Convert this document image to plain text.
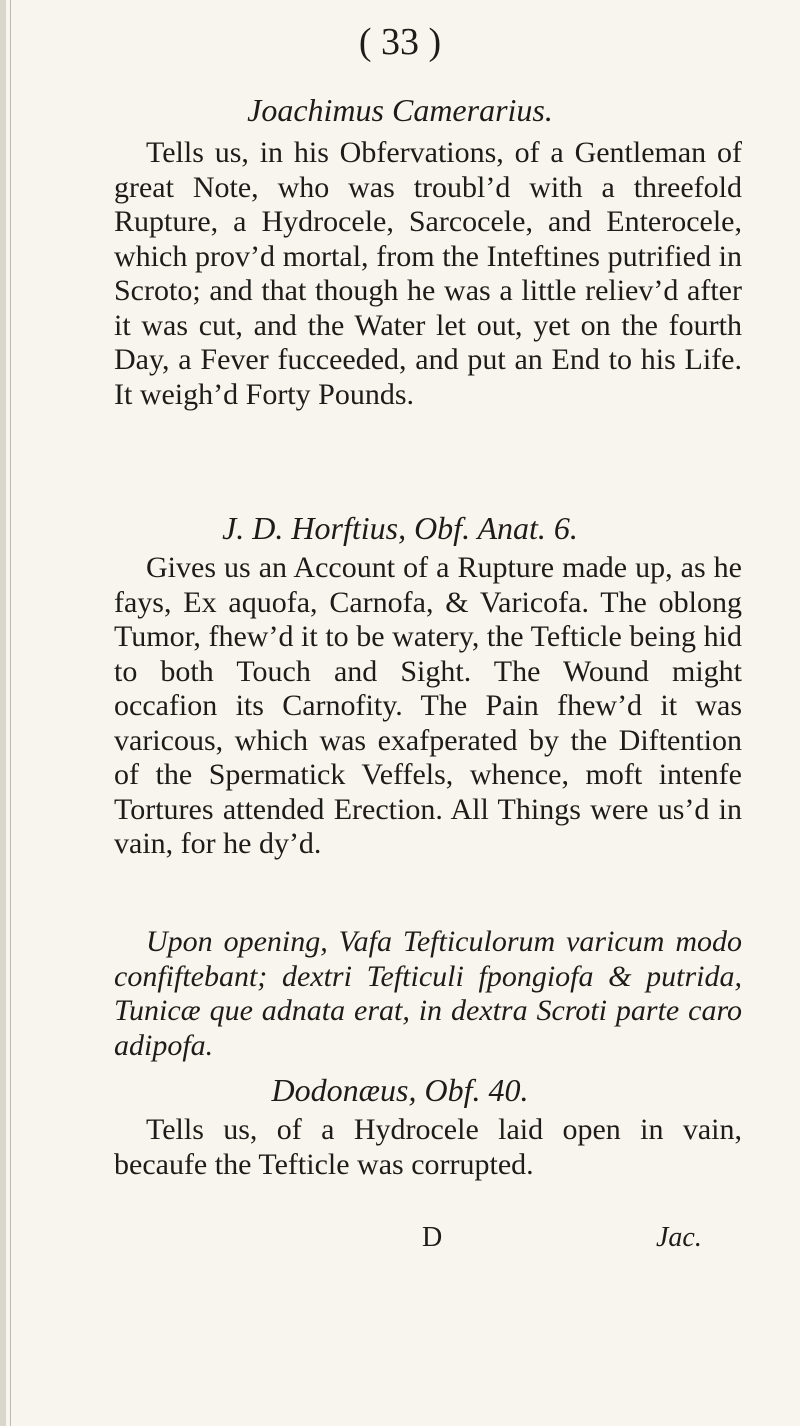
( 33 )
Joachimus Camerarius.

Tells us, in his Obfervations, of a Gentleman of great Note, who was troubl’d with a threefold Rupture, a Hydrocele, Sarcocele, and Enterocele, which prov’d mortal, from the Inteftines putrified in Scroto; and that though he was a little reliev’d after it was cut, and the Water let out, yet on the fourth Day, a Fever fucceeded, and put an End to his Life. It weigh’d Forty Pounds.

J. D. Horftius, Obf. Anat. 6.

Gives us an Account of a Rupture made up, as he fays, Ex aquofa, Carnofa, & Varicofa. The oblong Tumor, fhew’d it to be watery, the Tefticle being hid to both Touch and Sight. The Wound might occafion its Carnofity. The Pain fhew’d it was varicous, which was exafperated by the Diftention of the Spermatick Veffels, whence, moft intenfe Tortures attended Erection. All Things were us’d in vain, for he dy’d.

Upon opening, Vafa Tefticulorum varicum modo confiftebant; dextri Tefticuli fpongiofa & putrida, Tunicæ que adnata erat, in dextra Scroti parte caro adipofa.

Dodonæus, Obf. 40.

Tells us, of a Hydrocele laid open in vain, becaufe the Tefticle was corrupted.

D	Jac.
